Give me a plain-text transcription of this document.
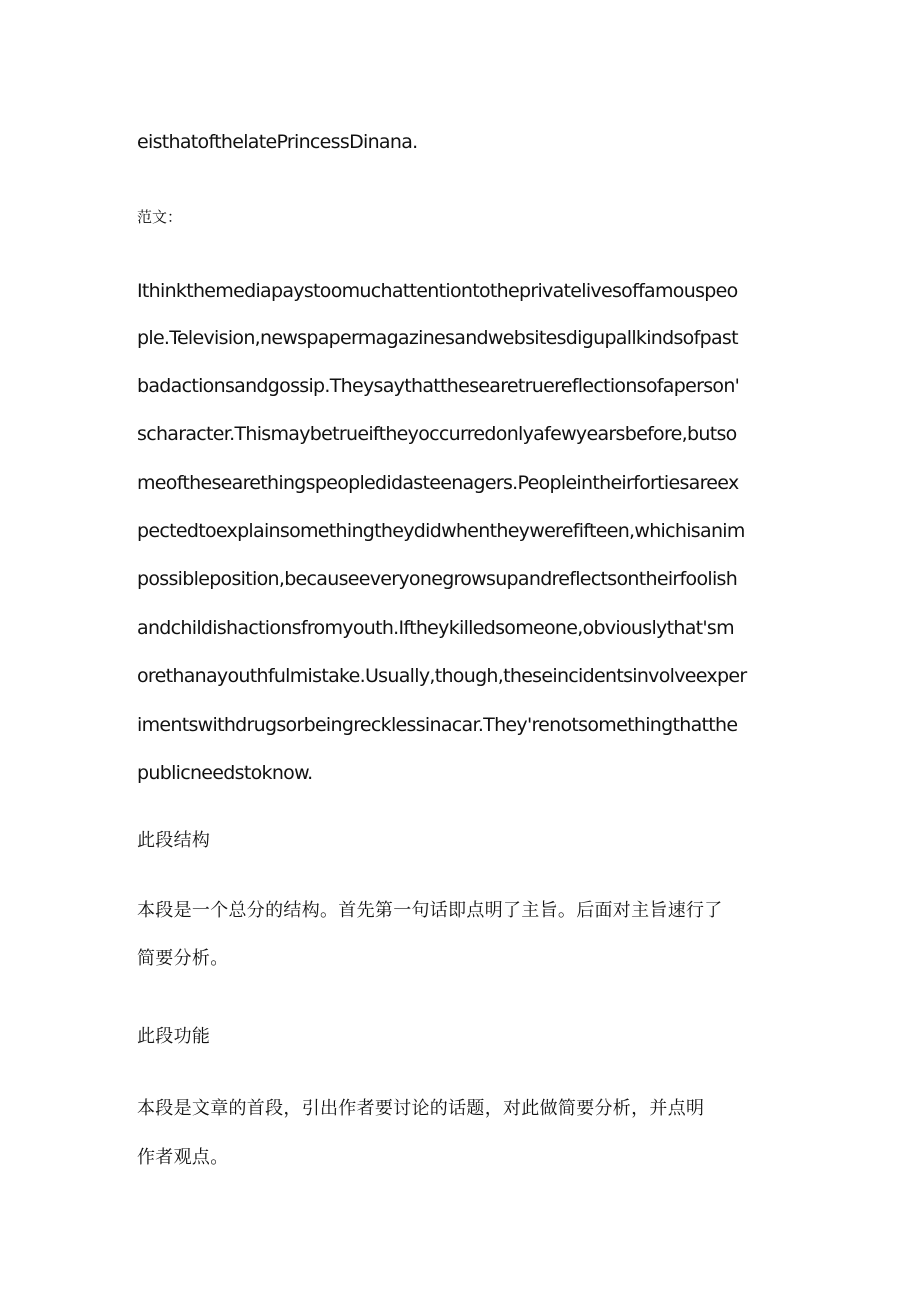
eisthatofthelatePrincessDinana.
范文：
Ithinkthemediapaystoomuchattentiontotheprivatelivesoffamouspeo
ple.Television,newspapermagazinesandwebsitesdigupallkindsofpast
badactionsandgossip.Theysaythatthesearetruereflectionsofaperson'
scharacter.Thismaybetrueiftheyoccurredonlyafewyearsbefore,butso
meofthesearethingspeopledidasteenagers.Peopleintheirfortiesareex
pectedtoexplainsomethingtheydidwhentheywerefifteen,whichisanim
possibleposition,becauseeveryonegrowsupandreflectsontheirfoolish
andchildishactionsfromyouth.Iftheykilledsomeone,obviouslythat'sm
orethanayouthfulmistake.Usually,though,theseincidentsinvolveexper
imentswithdrugsorbeingrecklessinacar.They'renotsomethingthatthe
publicneedstoknow.
此段结构
本段是一个总分的结构。首先第一句话即点明了主旨。后面对主旨速行了
简要分析。
此段功能
本段是文章的首段，引出作者要讨论的话题，对此做简要分析，并点明
作者观点。
